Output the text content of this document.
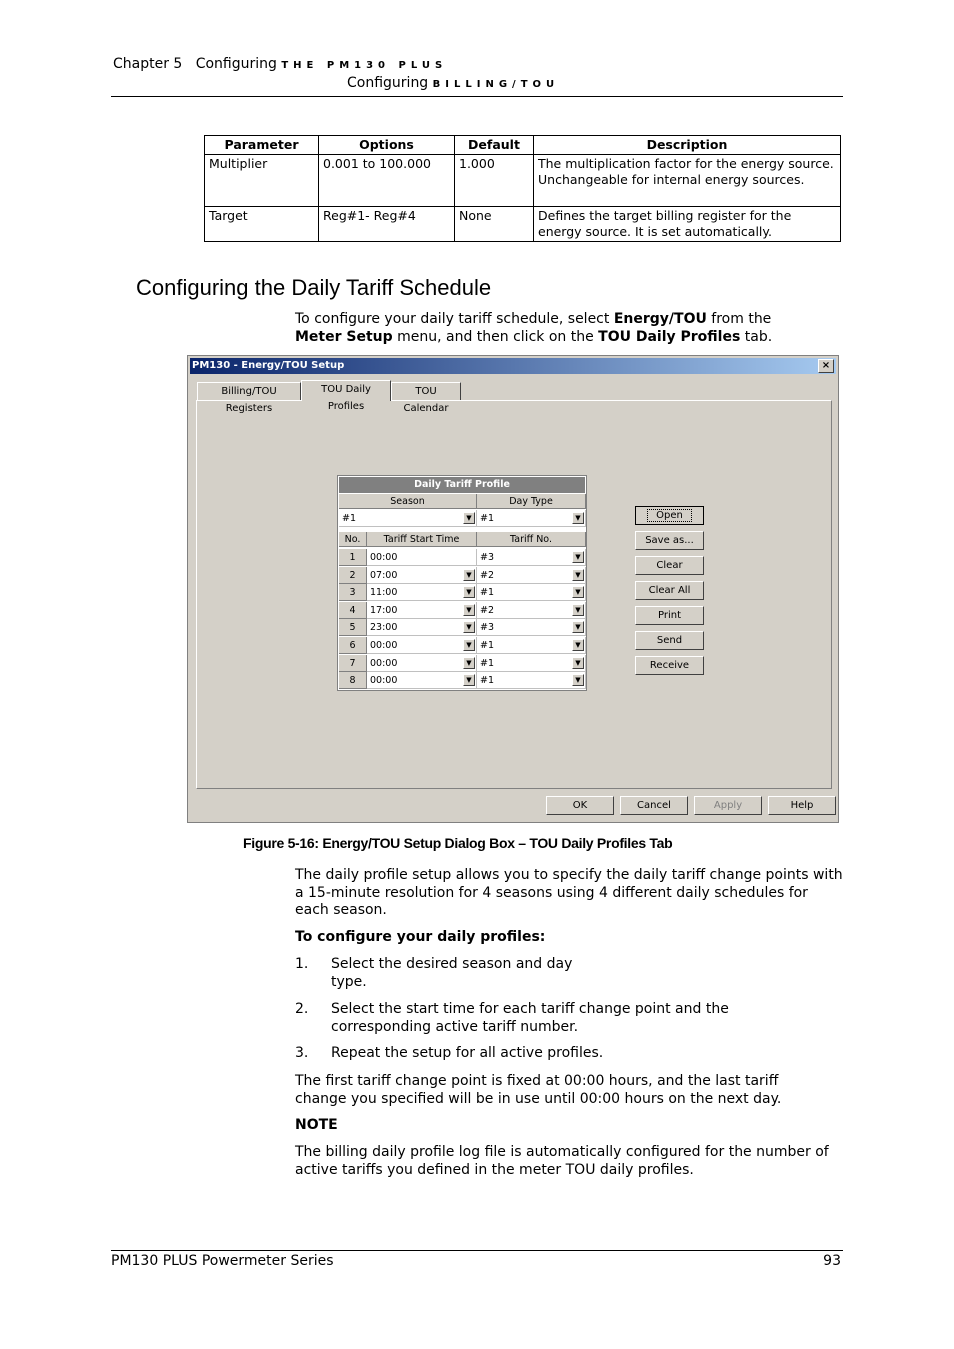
Chapter 5 Configuring THE PM130 PLUS
Configuring BILLING/TOU
Parameter	Options	Default	Description
Multiplier	0.001 to 100.000	1.000	The multiplication factor for the energy source. Unchangeable for internal energy sources.
Target	Reg#1- Reg#4	None	Defines the target billing register for the energy source. It is set automatically.
Configuring the Daily Tariff Schedule
To configure your daily tariff schedule, select Energy/TOU from the
Meter Setup menu, and then click on the TOU Daily Profiles tab.
PM130 - Energy/TOU Setup	×
Billing/TOU Registers
TOU Daily Profiles
TOU Calendar
Daily Tariff Profile
Season	Day Type
#1	▼ #1	▼
No.	Tariff Start Time	Tariff No.
1	00:00	#3	▼
2	07:00	▼ #2	▼
3	11:00	▼ #1	▼
4	17:00	▼ #2	▼
5	23:00	▼ #3	▼
6	00:00	▼ #1	▼
7	00:00	▼ #1	▼
8	00:00	▼ #1	▼
Open
Save as...
Clear
Clear All
Print
Send
Receive
OK	Cancel	Apply	Help
Figure 5-16: Energy/TOU Setup Dialog Box – TOU Daily Profiles Tab
The daily profile setup allows you to specify the daily tariff change points with a 15-minute resolution for 4 seasons using 4 different daily schedules for each season.
To configure your daily profiles:
1. Select the desired season and day type.
2. Select the start time for each tariff change point and the corresponding active tariff number.
3. Repeat the setup for all active profiles.
The first tariff change point is fixed at 00:00 hours, and the last tariff change you specified will be in use until 00:00 hours on the next day.
NOTE
The billing daily profile log file is automatically configured for the number of active tariffs you defined in the meter TOU daily profiles.
PM130 PLUS Powermeter Series	93
